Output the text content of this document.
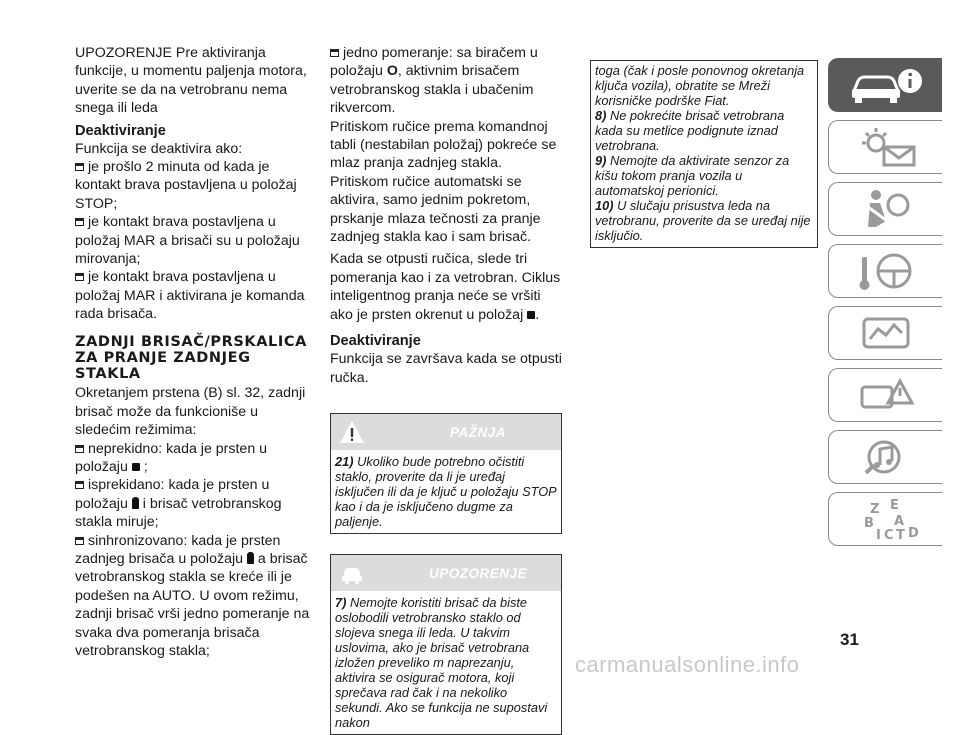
UPOZORENJE Pre aktiviranja funkcije, u momentu paljenja motora, uverite se da na vetrobranu nema snega ili leda

Deaktiviranje

Funkcija se deaktivira ako:

je prošlo 2 minuta od kada je kontakt brava postavljena u položaj STOP;

je kontakt brava postavljena u položaj MAR a brisači su u položaju mirovanja;

je kontakt brava postavljena u položaj MAR i aktivirana je komanda rada brisača.

ZADNJI BRISAČ/PRSKALICA ZA PRANJE ZADNJEG STAKLA

Okretanjem prstena (B) sl. 32, zadnji brisač može da funkcioniše u sledećim režimima:

neprekidno: kada je prsten u položaju ;

isprekidano: kada je prsten u položaju i brisač vetrobranskog stakla miruje;

sinhronizovano: kada je prsten zadnjeg brisača u položaju a brisač vetrobranskog stakla se kreće ili je podešen na AUTO. U ovom režimu, zadnji brisač vrši jedno pomeranje na svaka dva pomeranja brisača vetrobranskog stakla;

jedno pomeranje: sa biračem u položaju O, aktivnim brisačem vetrobranskog stakla i ubačenim rikvercom.

Pritiskom ručice prema komandnoj tabli (nestabilan položaj) pokreće se mlaz pranja zadnjeg stakla. Pritiskom ručice automatski se aktivira, samo jednim pokretom, prskanje mlaza tečnosti za pranje zadnjeg stakla kao i sam brisač.

Kada se otpusti ručica, slede tri pomeranja kao i za vetrobran. Ciklus inteligentnog pranja neće se vršiti ako je prsten okrenut u položaj .

Deaktiviranje

Funkcija se završava kada se otpusti ručka.

PAŽNJA
21) Ukoliko bude potrebno očistiti staklo, proverite da li je uređaj isključen ili da je ključ u položaju STOP kao i da je isključeno dugme za paljenje.
UPOZORENJE
7) Nemojte koristiti brisač da biste oslobodili vetrobransko staklo od slojeva snega ili leda. U takvim uslovima, ako je brisač vetrobrana izložen preveliko m naprezanju, aktivira se osigurač motora, koji sprečava rad čak i na nekoliko sekundi. Ako se funkcija ne supostavi nakon

toga (čak i posle ponovnog okretanja ključa vozila), obratite se Mreži korisničke podrške Fiat.

8) Ne pokrećite brisač vetrobrana kada su metlice podignute iznad vetrobrana.

9) Nemojte da aktivirate senzor za kišu tokom pranja vozila u automatskoj perionici.

10) U slučaju prisustva leda na vetrobranu, proverite da se uređaj nije isključio.

Z E
B A
I C T D
31
carmanualsonline.info
